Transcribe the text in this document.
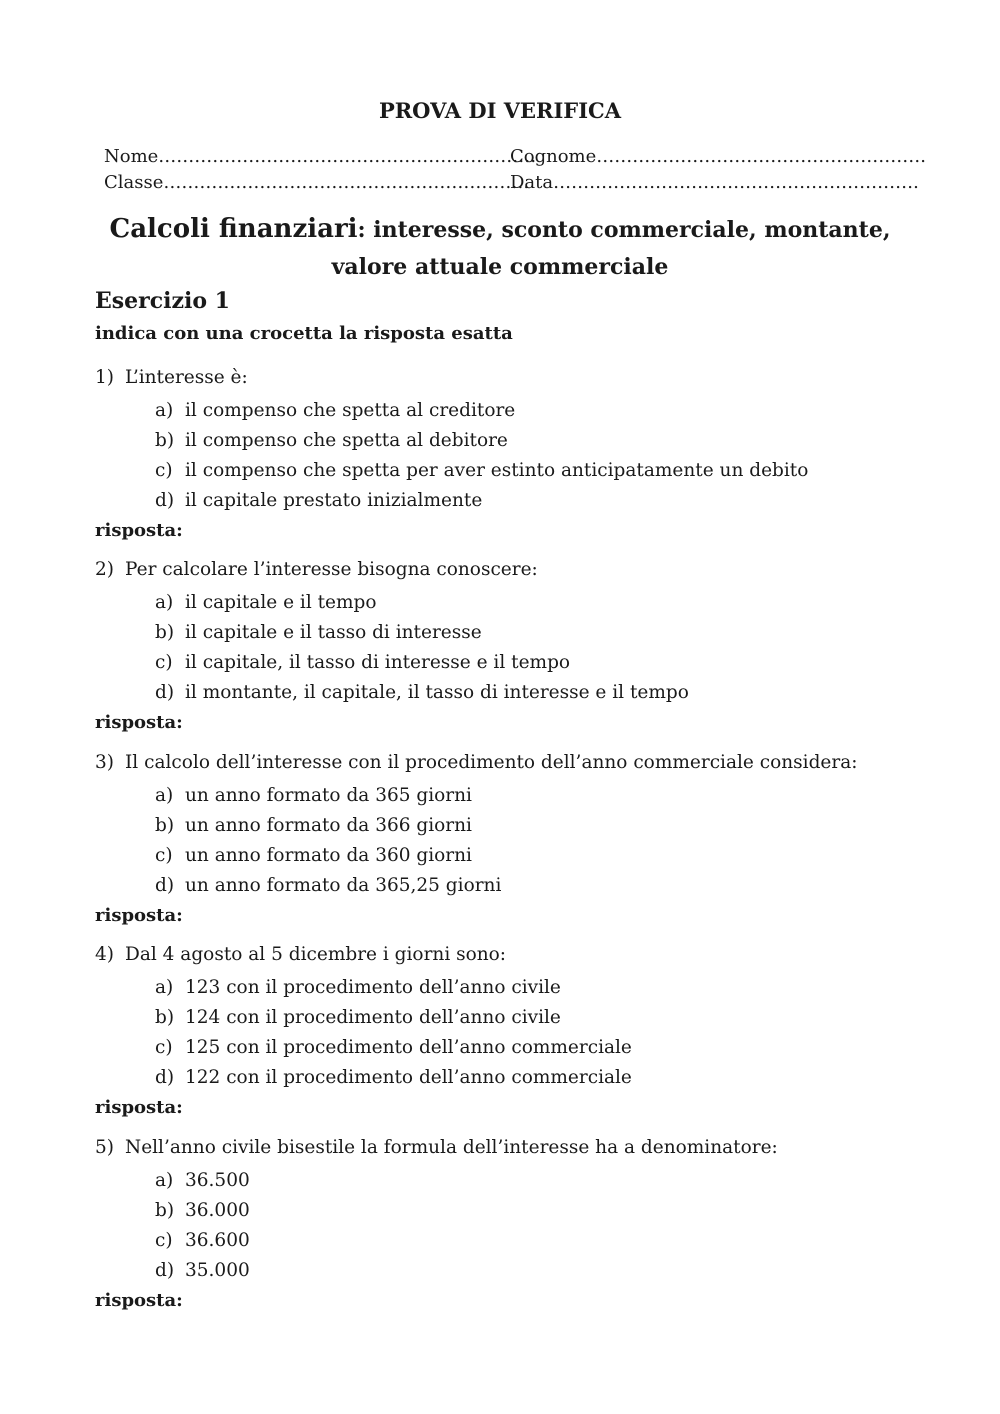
PROVA DI VERIFICA
Nome………………………………………………………
Cognome……………………………………………….
Classe…………………………………………………….
Data…………………………………………………….
Calcoli finanziari: interesse, sconto commerciale, montante,
valore attuale commerciale
Esercizio 1
indica con una crocetta la risposta esatta
1) L’interesse è:
a) il compenso che spetta al creditore
b) il compenso che spetta al debitore
c) il compenso che spetta per aver estinto anticipatamente un debito
d) il capitale prestato inizialmente
risposta:
2) Per calcolare l’interesse bisogna conoscere:
a) il capitale e il tempo
b) il capitale e il tasso di interesse
c) il capitale, il tasso di interesse e il tempo
d) il montante, il capitale, il tasso di interesse e il tempo
risposta:
3) Il calcolo dell’interesse con il procedimento dell’anno commerciale considera:
a) un anno formato da 365 giorni
b) un anno formato da 366 giorni
c) un anno formato da 360 giorni
d) un anno formato da 365,25 giorni
risposta:
4) Dal 4 agosto al 5 dicembre i giorni sono:
a) 123 con il procedimento dell’anno civile
b) 124 con il procedimento dell’anno civile
c) 125 con il procedimento dell’anno commerciale
d) 122 con il procedimento dell’anno commerciale
risposta:
5) Nell’anno civile bisestile la formula dell’interesse ha a denominatore:
a) 36.500
b) 36.000
c) 36.600
d) 35.000
risposta:
